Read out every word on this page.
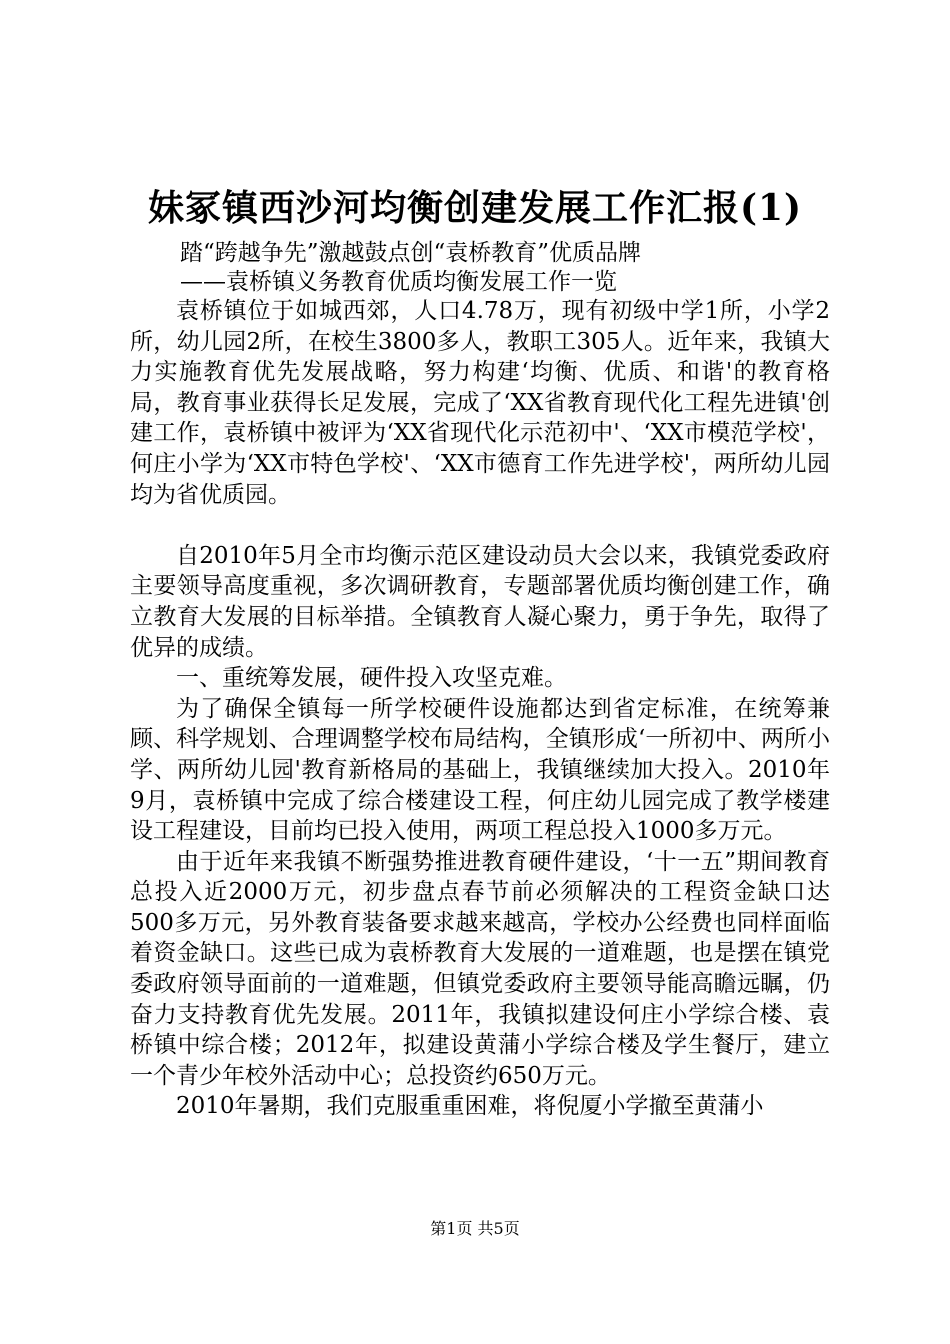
妹冢镇西沙河均衡创建发展工作汇报(1)
踏“跨越争先”激越鼓点创“袁桥教育”优质品牌
——袁桥镇义务教育优质均衡发展工作一览

袁桥镇位于如城西郊，人口4.78万，现有初级中学1所，小学2所，幼儿园2所，在校生3800多人，教职工305人。近年来，我镇大力实施教育优先发展战略，努力构建‘均衡、优质、和谐'的教育格局，教育事业获得长足发展，完成了‘XX省教育现代化工程先进镇'创建工作，袁桥镇中被评为‘XX省现代化示范初中'、‘XX市模范学校'，何庄小学为‘XX市特色学校'、‘XX市德育工作先进学校'，两所幼儿园均为省优质园。

自2010年5月全市均衡示范区建设动员大会以来，我镇党委政府主要领导高度重视，多次调研教育，专题部署优质均衡创建工作，确立教育大发展的目标举措。全镇教育人凝心聚力，勇于争先，取得了优异的成绩。

一、重统筹发展，硬件投入攻坚克难。

为了确保全镇每一所学校硬件设施都达到省定标准，在统筹兼顾、科学规划、合理调整学校布局结构，全镇形成‘一所初中、两所小学、两所幼儿园'教育新格局的基础上，我镇继续加大投入。2010年9月，袁桥镇中完成了综合楼建设工程，何庄幼儿园完成了教学楼建设工程建设，目前均已投入使用，两项工程总投入1000多万元。

由于近年来我镇不断强势推进教育硬件建设，‘十一五”期间教育总投入近2000万元，初步盘点春节前必须解决的工程资金缺口达500多万元，另外教育装备要求越来越高，学校办公经费也同样面临着资金缺口。这些已成为袁桥教育大发展的一道难题，也是摆在镇党委政府领导面前的一道难题，但镇党委政府主要领导能高瞻远瞩，仍奋力支持教育优先发展。2011年，我镇拟建设何庄小学综合楼、袁桥镇中综合楼；2012年，拟建设黄蒲小学综合楼及学生餐厅，建立一个青少年校外活动中心；总投资约650万元。

2010年暑期，我们克服重重困难，将倪厦小学撤至黄蒲小

第1页 共5页
